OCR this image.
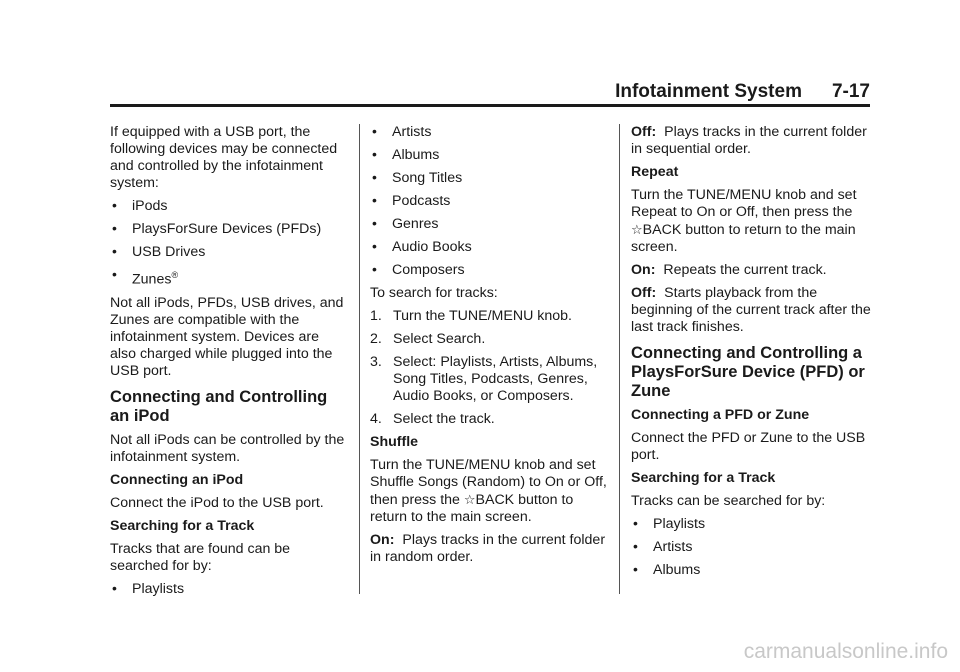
Infotainment System 7-17

If equipped with a USB port, the following devices may be connected and controlled by the infotainment system:

• iPods
• PlaysForSure Devices (PFDs)
• USB Drives
• Zunes®

Not all iPods, PFDs, USB drives, and Zunes are compatible with the infotainment system. Devices are also charged while plugged into the USB port.

Connecting and Controlling an iPod

Not all iPods can be controlled by the infotainment system.

Connecting an iPod

Connect the iPod to the USB port.

Searching for a Track

Tracks that are found can be searched for by:

• Playlists
• Artists
• Albums
• Song Titles
• Podcasts
• Genres
• Audio Books
• Composers

To search for tracks:

1. Turn the TUNE/MENU knob.
2. Select Search.
3. Select: Playlists, Artists, Albums, Song Titles, Podcasts, Genres, Audio Books, or Composers.
4. Select the track.

Shuffle

Turn the TUNE/MENU knob and set Shuffle Songs (Random) to On or Off, then press the ☆BACK button to return to the main screen.

On: Plays tracks in the current folder in random order.

Off: Plays tracks in the current folder in sequential order.

Repeat

Turn the TUNE/MENU knob and set Repeat to On or Off, then press the ☆BACK button to return to the main screen.

On: Repeats the current track.

Off: Starts playback from the beginning of the current track after the last track finishes.

Connecting and Controlling a PlaysForSure Device (PFD) or Zune

Connecting a PFD or Zune

Connect the PFD or Zune to the USB port.

Searching for a Track

Tracks can be searched for by:

• Playlists
• Artists
• Albums
carmanualsonline.info
